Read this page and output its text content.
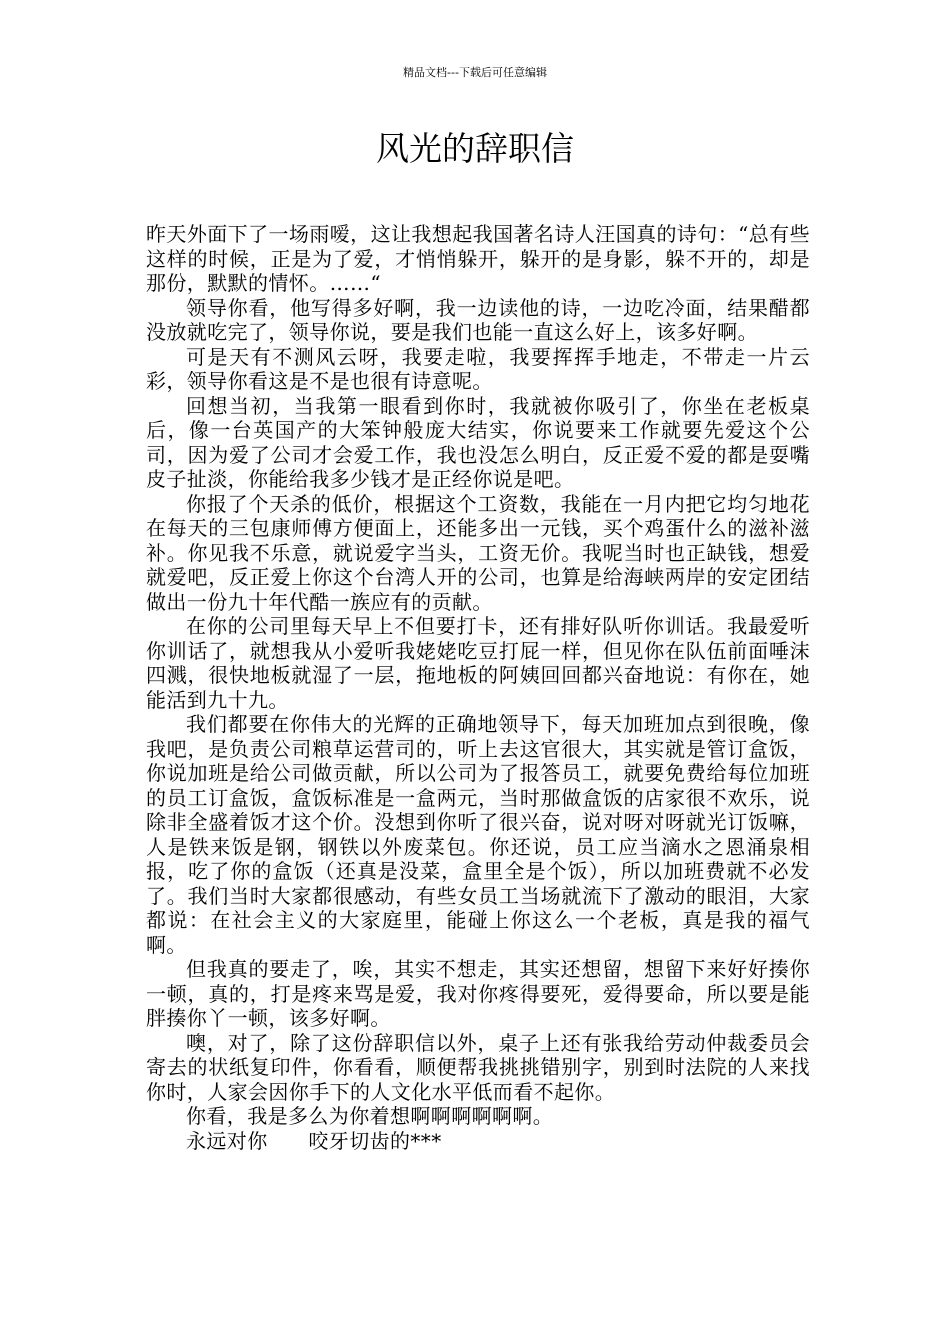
精品文档---下载后可任意编辑
风光的辞职信

昨天外面下了一场雨嗳，这让我想起我国著名诗人汪国真的诗句：“总有些这样的时候，正是为了爱，才悄悄躲开，躲开的是身影，躲不开的，却是那份，默默的情怀。……“

领导你看，他写得多好啊，我一边读他的诗，一边吃冷面，结果醋都没放就吃完了，领导你说，要是我们也能一直这么好上，该多好啊。

可是天有不测风云呀，我要走啦，我要挥挥手地走，不带走一片云彩，领导你看这是不是也很有诗意呢。

回想当初，当我第一眼看到你时，我就被你吸引了，你坐在老板桌后，像一台英国产的大笨钟般庞大结实，你说要来工作就要先爱这个公司，因为爱了公司才会爱工作，我也没怎么明白，反正爱不爱的都是耍嘴皮子扯淡，你能给我多少钱才是正经你说是吧。

你报了个天杀的低价，根据这个工资数，我能在一月内把它均匀地花在每天的三包康师傅方便面上，还能多出一元钱，买个鸡蛋什么的滋补滋补。你见我不乐意，就说爱字当头，工资无价。我呢当时也正缺钱，想爱就爱吧，反正爱上你这个台湾人开的公司，也算是给海峡两岸的安定团结做出一份九十年代酷一族应有的贡献。

在你的公司里每天早上不但要打卡，还有排好队听你训话。我最爱听你训话了，就想我从小爱听我姥姥吃豆打屁一样，但见你在队伍前面唾沫四溅，很快地板就湿了一层，拖地板的阿姨回回都兴奋地说：有你在，她能活到九十九。

我们都要在你伟大的光辉的正确地领导下，每天加班加点到很晚，像我吧，是负责公司粮草运营司的，听上去这官很大，其实就是管订盒饭，你说加班是给公司做贡献，所以公司为了报答员工，就要免费给每位加班的员工订盒饭，盒饭标准是一盒两元，当时那做盒饭的店家很不欢乐，说除非全盛着饭才这个价。没想到你听了很兴奋，说对呀对呀就光订饭嘛，人是铁来饭是钢，钢铁以外废菜包。你还说，员工应当滴水之恩涌泉相报，吃了你的盒饭（还真是没菜，盒里全是个饭），所以加班费就不必发了。我们当时大家都很感动，有些女员工当场就流下了激动的眼泪，大家都说：在社会主义的大家庭里，能碰上你这么一个老板，真是我的福气啊。

但我真的要走了，唉，其实不想走，其实还想留，想留下来好好揍你一顿，真的，打是疼来骂是爱，我对你疼得要死，爱得要命，所以要是能胖揍你丫一顿，该多好啊。

噢，对了，除了这份辞职信以外，桌子上还有张我给劳动仲裁委员会寄去的状纸复印件，你看看，顺便帮我挑挑错别字，别到时法院的人来找你时，人家会因你手下的人文化水平低而看不起你。

你看，我是多么为你着想啊啊啊啊啊啊。

永远对你　　咬牙切齿的***
